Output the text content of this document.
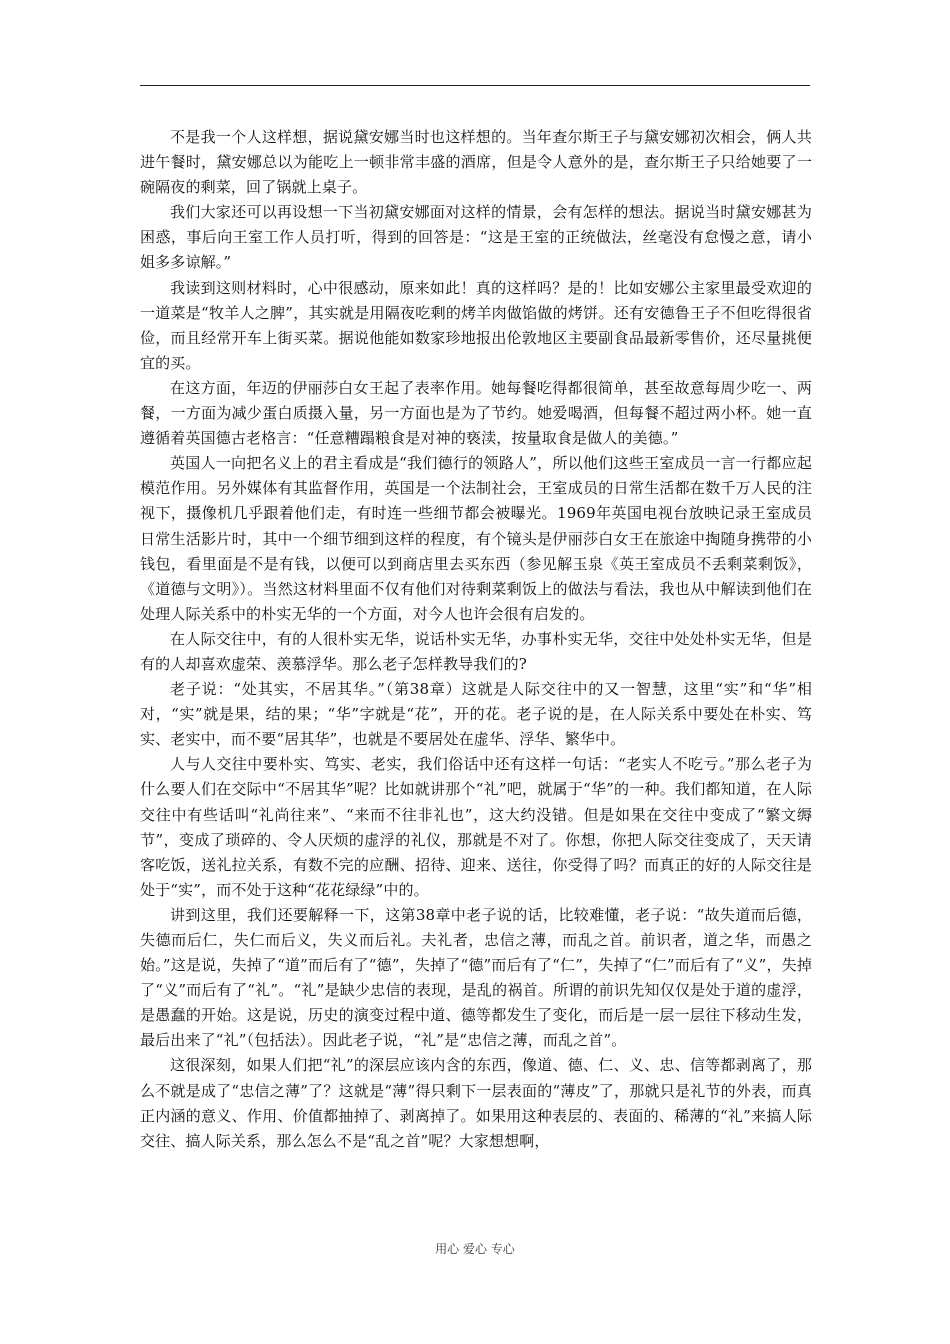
不是我一个人这样想，据说黛安娜当时也这样想的。当年查尔斯王子与黛安娜初次相会，俩人共进午餐时，黛安娜总以为能吃上一顿非常丰盛的酒席，但是令人意外的是，查尔斯王子只给她要了一碗隔夜的剩菜，回了锅就上桌子。

我们大家还可以再设想一下当初黛安娜面对这样的情景，会有怎样的想法。据说当时黛安娜甚为困惑，事后向王室工作人员打听，得到的回答是：“这是王室的正统做法，丝毫没有怠慢之意，请小姐多多谅解。”

我读到这则材料时，心中很感动，原来如此！真的这样吗？是的！比如安娜公主家里最受欢迎的一道菜是“牧羊人之脾”，其实就是用隔夜吃剩的烤羊肉做馅做的烤饼。还有安德鲁王子不但吃得很省俭，而且经常开车上街买菜。据说他能如数家珍地报出伦敦地区主要副食品最新零售价，还尽量挑便宜的买。

在这方面，年迈的伊丽莎白女王起了表率作用。她每餐吃得都很简单，甚至故意每周少吃一、两餐，一方面为减少蛋白质摄入量，另一方面也是为了节约。她爱喝酒，但每餐不超过两小杯。她一直遵循着英国德古老格言：“任意糟蹋粮食是对神的亵渎，按量取食是做人的美德。”

英国人一向把名义上的君主看成是“我们德行的领路人”，所以他们这些王室成员一言一行都应起模范作用。另外媒体有其监督作用，英国是一个法制社会，王室成员的日常生活都在数千万人民的注视下，摄像机几乎跟着他们走，有时连一些细节都会被曝光。1969年英国电视台放映记录王室成员日常生活影片时，其中一个细节细到这样的程度，有个镜头是伊丽莎白女王在旅途中掏随身携带的小钱包，看里面是不是有钱，以便可以到商店里去买东西（参见解玉泉《英王室成员不丢剩菜剩饭》，《道德与文明》）。当然这材料里面不仅有他们对待剩菜剩饭上的做法与看法，我也从中解读到他们在处理人际关系中的朴实无华的一个方面，对今人也许会很有启发的。

在人际交往中，有的人很朴实无华，说话朴实无华，办事朴实无华，交往中处处朴实无华，但是有的人却喜欢虚荣、羡慕浮华。那么老子怎样教导我们的?

老子说：“处其实，不居其华。”（第38章）这就是人际交往中的又一智慧，这里“实”和“华”相对，“实”就是果，结的果；“华”字就是“花”，开的花。老子说的是，在人际关系中要处在朴实、笃实、老实中，而不要“居其华”，也就是不要居处在虚华、浮华、繁华中。

人与人交往中要朴实、笃实、老实，我们俗话中还有这样一句话：“老实人不吃亏。”那么老子为什么要人们在交际中“不居其华”呢？比如就讲那个“礼”吧，就属于“华”的一种。我们都知道，在人际交往中有些话叫“礼尚往来”、“来而不往非礼也”，这大约没错。但是如果在交往中变成了“繁文缛节”，变成了琐碎的、令人厌烦的虚浮的礼仪，那就是不对了。你想，你把人际交往变成了，天天请客吃饭，送礼拉关系，有数不完的应酬、招待、迎来、送往，你受得了吗？而真正的好的人际交往是处于“实”，而不处于这种“花花绿绿”中的。

讲到这里，我们还要解释一下，这第38章中老子说的话，比较难懂，老子说：“故失道而后德，失德而后仁，失仁而后义，失义而后礼。夫礼者，忠信之薄，而乱之首。前识者，道之华，而愚之始。”这是说，失掉了“道”而后有了“德”，失掉了“德”而后有了“仁”，失掉了“仁”而后有了“义”，失掉了“义”而后有了“礼”。“礼”是缺少忠信的表现，是乱的祸首。所谓的前识先知仅仅是处于道的虚浮，是愚蠢的开始。这是说，历史的演变过程中道、德等都发生了变化，而后是一层一层往下移动生发，最后出来了“礼”（包括法）。因此老子说，“礼”是“忠信之薄，而乱之首”。

这很深刻，如果人们把“礼”的深层应该内含的东西，像道、德、仁、义、忠、信等都剥离了，那么不就是成了“忠信之薄”了？这就是“薄”得只剩下一层表面的“薄皮”了，那就只是礼节的外表，而真正内涵的意义、作用、价值都抽掉了、剥离掉了。如果用这种表层的、表面的、稀薄的“礼”来搞人际交往、搞人际关系，那么怎么不是“乱之首”呢？大家想想啊，

用心 爱心 专心
